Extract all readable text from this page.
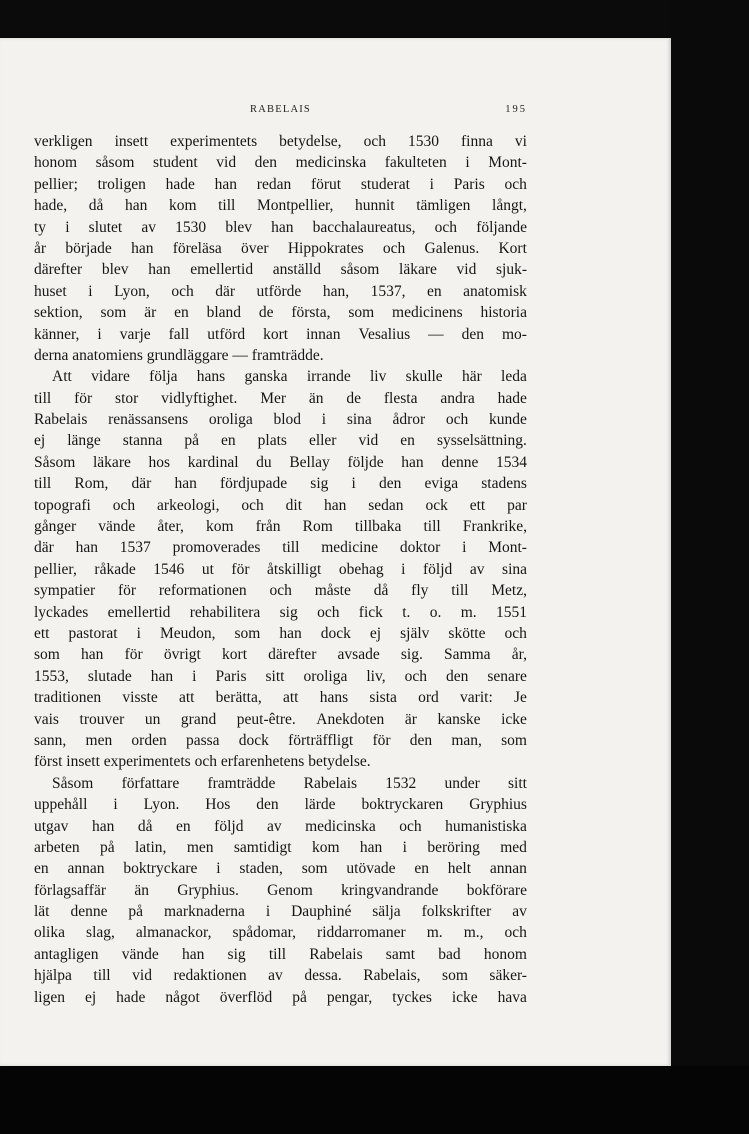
RABELAIS	195
verkligen insett experimentets betydelse, och 1530 finna vi
honom såsom student vid den medicinska fakulteten i Mont-
pellier; troligen hade han redan förut studerat i Paris och
hade, då han kom till Montpellier, hunnit tämligen långt,
ty i slutet av 1530 blev han bacchalaureatus, och följande
år började han föreläsa över Hippokrates och Galenus. Kort
därefter blev han emellertid anställd såsom läkare vid sjuk-
huset i Lyon, och där utförde han, 1537, en anatomisk
sektion, som är en bland de första, som medicinens historia
känner, i varje fall utförd kort innan Vesalius — den mo-
derna anatomiens grundläggare — framträdde.
Att vidare följa hans ganska irrande liv skulle här leda
till för stor vidlyftighet. Mer än de flesta andra hade
Rabelais renässansens oroliga blod i sina ådror och kunde
ej länge stanna på en plats eller vid en sysselsättning.
Såsom läkare hos kardinal du Bellay följde han denne 1534
till Rom, där han fördjupade sig i den eviga stadens
topografi och arkeologi, och dit han sedan ock ett par
gånger vände åter, kom från Rom tillbaka till Frankrike,
där han 1537 promoverades till medicine doktor i Mont-
pellier, råkade 1546 ut för åtskilligt obehag i följd av sina
sympatier för reformationen och måste då fly till Metz,
lyckades emellertid rehabilitera sig och fick t. o. m. 1551
ett pastorat i Meudon, som han dock ej själv skötte och
som han för övrigt kort därefter avsade sig. Samma år,
1553, slutade han i Paris sitt oroliga liv, och den senare
traditionen visste att berätta, att hans sista ord varit: Je
vais trouver un grand peut-être. Anekdoten är kanske icke
sann, men orden passa dock förträffligt för den man, som
först insett experimentets och erfarenhetens betydelse.
Såsom författare framträdde Rabelais 1532 under sitt
uppehåll i Lyon. Hos den lärde boktryckaren Gryphius
utgav han då en följd av medicinska och humanistiska
arbeten på latin, men samtidigt kom han i beröring med
en annan boktryckare i staden, som utövade en helt annan
förlagsaffär än Gryphius. Genom kringvandrande bokförare
lät denne på marknaderna i Dauphiné sälja folkskrifter av
olika slag, almanackor, spådomar, riddarromaner m. m., och
antagligen vände han sig till Rabelais samt bad honom
hjälpa till vid redaktionen av dessa. Rabelais, som säker-
ligen ej hade något överflöd på pengar, tyckes icke hava
